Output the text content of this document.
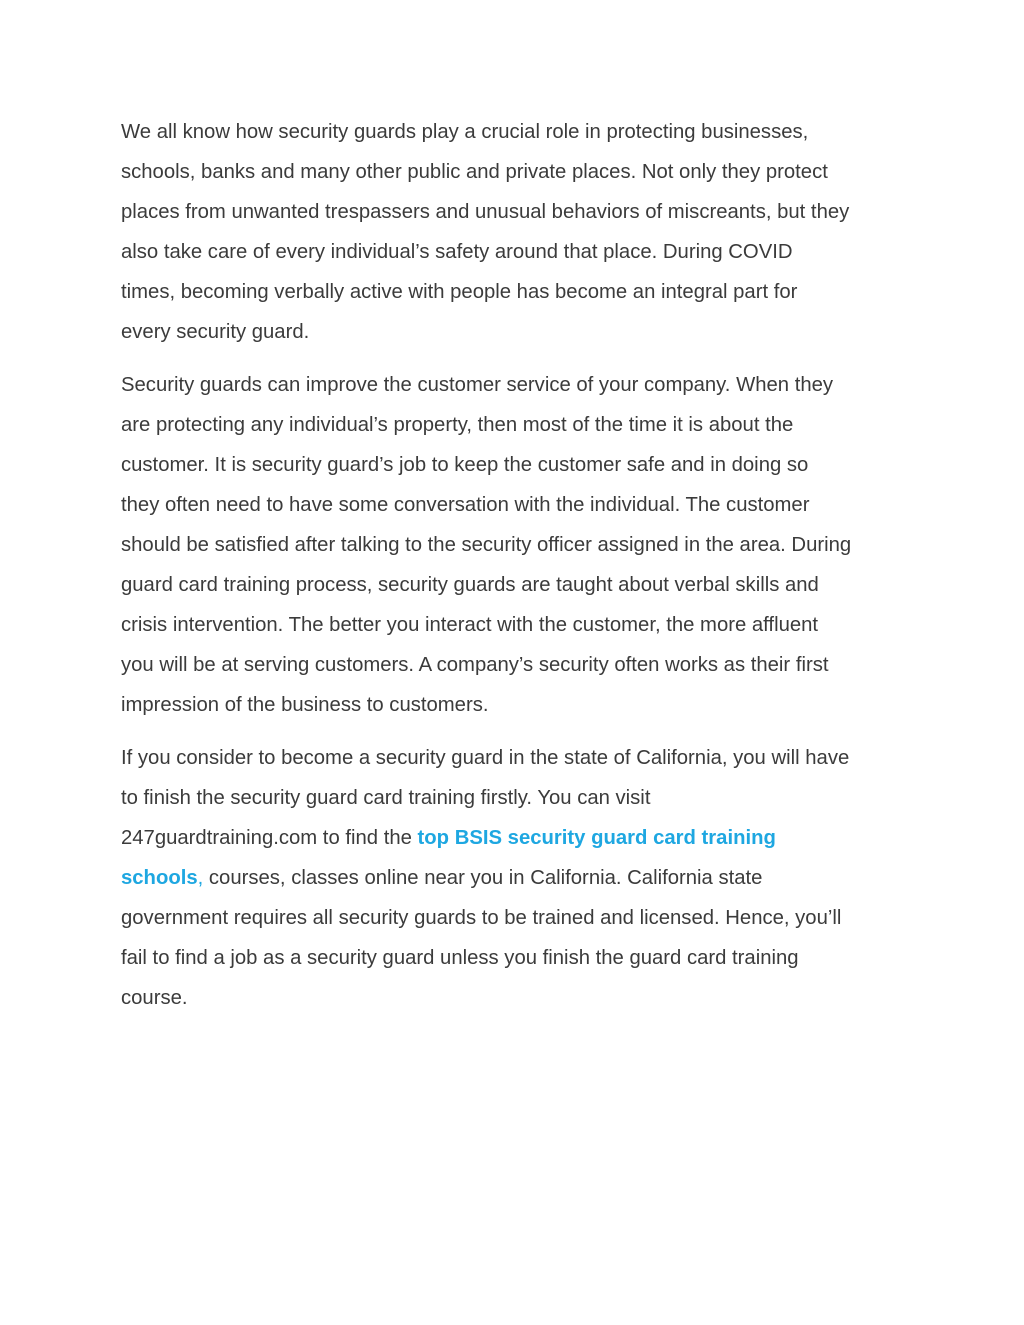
We all know how security guards play a crucial role in protecting businesses,
schools, banks and many other public and private places. Not only they protect
places from unwanted trespassers and unusual behaviors of miscreants, but they
also take care of every individual’s safety around that place. During COVID
times, becoming verbally active with people has become an integral part for
every security guard.

Security guards can improve the customer service of your company. When they
are protecting any individual’s property, then most of the time it is about the
customer. It is security guard’s job to keep the customer safe and in doing so
they often need to have some conversation with the individual. The customer
should be satisfied after talking to the security officer assigned in the area. During
guard card training process, security guards are taught about verbal skills and
crisis intervention. The better you interact with the customer, the more affluent
you will be at serving customers. A company’s security often works as their first
impression of the business to customers.

If you consider to become a security guard in the state of California, you will have
to finish the security guard card training firstly. You can visit
247guardtraining.com to find the top BSIS security guard card training
schools, courses, classes online near you in California. California state
government requires all security guards to be trained and licensed. Hence, you’ll
fail to find a job as a security guard unless you finish the guard card training
course.
